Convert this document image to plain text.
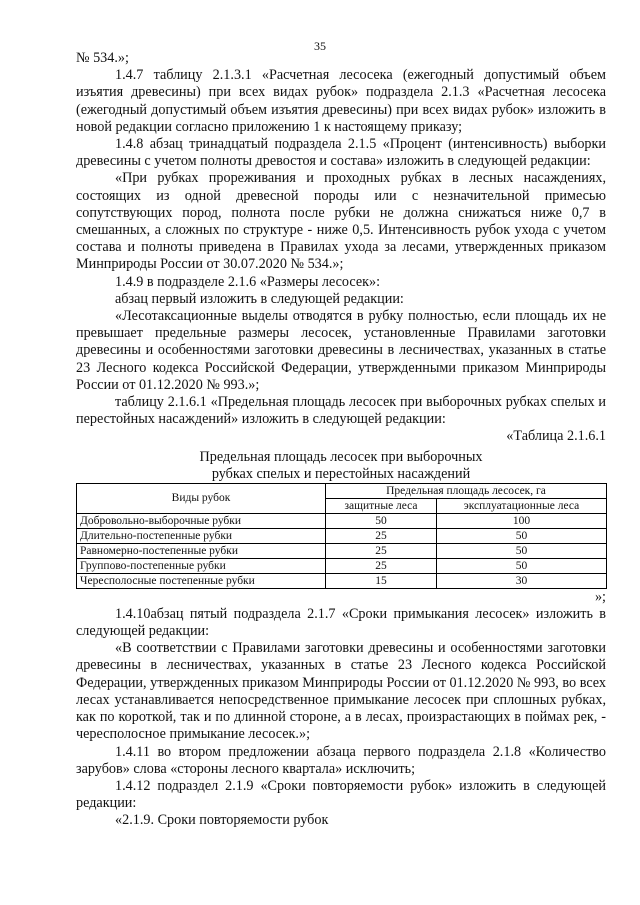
35

№ 534.»;

1.4.7 таблицу 2.1.3.1 «Расчетная лесосека (ежегодный допустимый объем изъятия древесины) при всех видах рубок» подраздела 2.1.3 «Расчетная лесосека (ежегодный допустимый объем изъятия древесины) при всех видах рубок» изложить в новой редакции согласно приложению 1 к настоящему приказу;

1.4.8 абзац тринадцатый подраздела 2.1.5 «Процент (интенсивность) выборки древесины с учетом полноты древостоя и состава» изложить в следующей редакции:

«При рубках прореживания и проходных рубках в лесных насаждениях, состоящих из одной древесной породы или с незначительной примесью сопутствующих пород, полнота после рубки не должна снижаться ниже 0,7 в смешанных, а сложных по структуре - ниже 0,5. Интенсивность рубок ухода с учетом состава и полноты приведена в Правилах ухода за лесами, утвержденных приказом Минприроды России от 30.07.2020 № 534.»;

1.4.9 в подразделе 2.1.6 «Размеры лесосек»:

абзац первый изложить в следующей редакции:

«Лесотаксационные выделы отводятся в рубку полностью, если площадь их не превышает предельные размеры лесосек, установленные Правилами заготовки древесины и особенностями заготовки древесины в лесничествах, указанных в статье 23 Лесного кодекса Российской Федерации, утвержденными приказом Минприроды России от 01.12.2020 № 993.»;

таблицу 2.1.6.1 «Предельная площадь лесосек при выборочных рубках спелых и перестойных насаждений» изложить в следующей редакции:

«Таблица 2.1.6.1

Предельная площадь лесосек при выборочных
рубках спелых и перестойных насаждений

Виды рубок	Предельная площадь лесосек, га	
	защитные леса	эксплуатационные леса
Добровольно-выборочные рубки	50	100
Длительно-постепенные рубки	25	50
Равномерно-постепенные рубки	25	50
Группово-постепенные рубки	25	50
Чересполосные постепенные рубки	15	30

»;

1.4.10абзац пятый подраздела 2.1.7 «Сроки примыкания лесосек» изложить в следующей редакции:

«В соответствии с Правилами заготовки древесины и особенностями заготовки древесины в лесничествах, указанных в статье 23 Лесного кодекса Российской Федерации, утвержденных приказом Минприроды России от 01.12.2020 № 993, во всех лесах устанавливается непосредственное примыкание лесосек при сплошных рубках, как по короткой, так и по длинной стороне, а в лесах, произрастающих в поймах рек, - чересполосное примыкание лесосек.»;

1.4.11 во втором предложении абзаца первого подраздела 2.1.8 «Количество зарубов» слова «стороны лесного квартала» исключить;

1.4.12 подраздел 2.1.9 «Сроки повторяемости рубок» изложить в следующей редакции:

«2.1.9. Сроки повторяемости рубок
